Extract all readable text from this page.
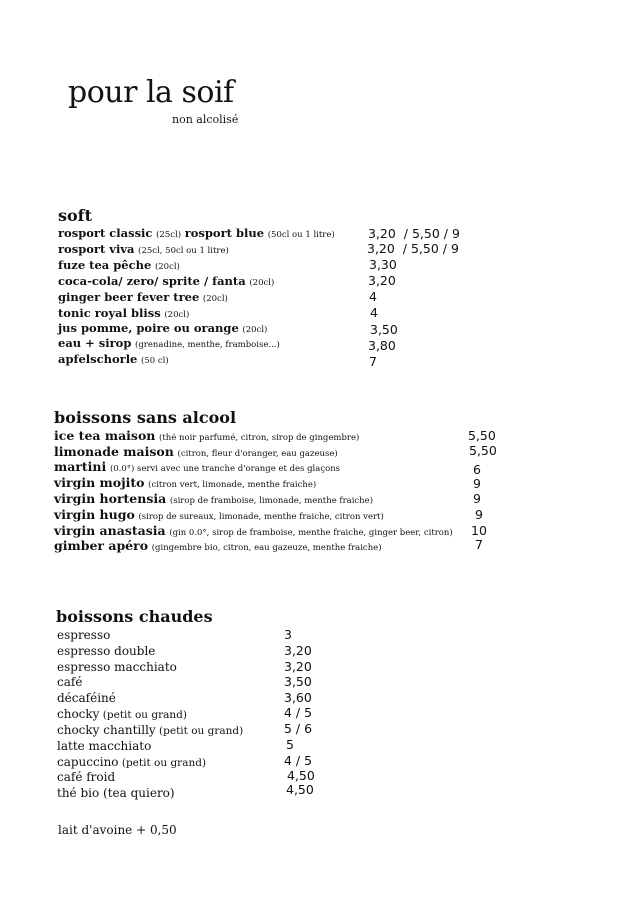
pour la soif
non alcolisé
soft
rosport classic (25cl) rosport blue (50cl ou 1 litre)	3,20  / 5,50 / 9
rosport viva (25cl, 50cl ou 1 litre)	3,20  / 5,50 / 9
fuze tea pêche (20cl)	3,30
coca-cola/ zero/ sprite / fanta (20cl)	3,20
ginger beer fever tree (20cl)	4
tonic royal bliss (20cl)	4
jus pomme, poire ou orange (20cl)	3,50
eau + sirop (grenadine, menthe, framboise...)	3,80
apfelschorle (50 cl)	7
boissons sans alcool
ice tea maison (thé noir parfumé, citron, sirop de gingembre)	5,50
limonade maison (citron, fleur d'oranger, eau gazeuse)	5,50
martini (0.0°) servi avec une tranche d'orange et des glaçons	6
virgin mojito (citron vert, limonade, menthe fraiche)	9
virgin hortensia (sirop de framboise, limonade, menthe fraiche)	9
virgin hugo (sirop de sureaux, limonade, menthe fraiche, citron vert)	9
virgin anastasia (gin 0.0°, sirop de framboise, menthe fraiche, ginger beer, citron) 10
gimber apéro (gingembre bio, citron, eau gazeuze, menthe fraiche)	7
boissons chaudes
espresso	3
espresso double	3,20
espresso macchiato	3,20
café	3,50
décaféiné	3,60
chocky (petit ou grand)	4 / 5
chocky chantilly (petit ou grand)	5 / 6
latte macchiato	5
capuccino (petit ou grand)	4 / 5
café froid	4,50
thé bio (tea quiero)	4,50
lait d'avoine + 0,50
